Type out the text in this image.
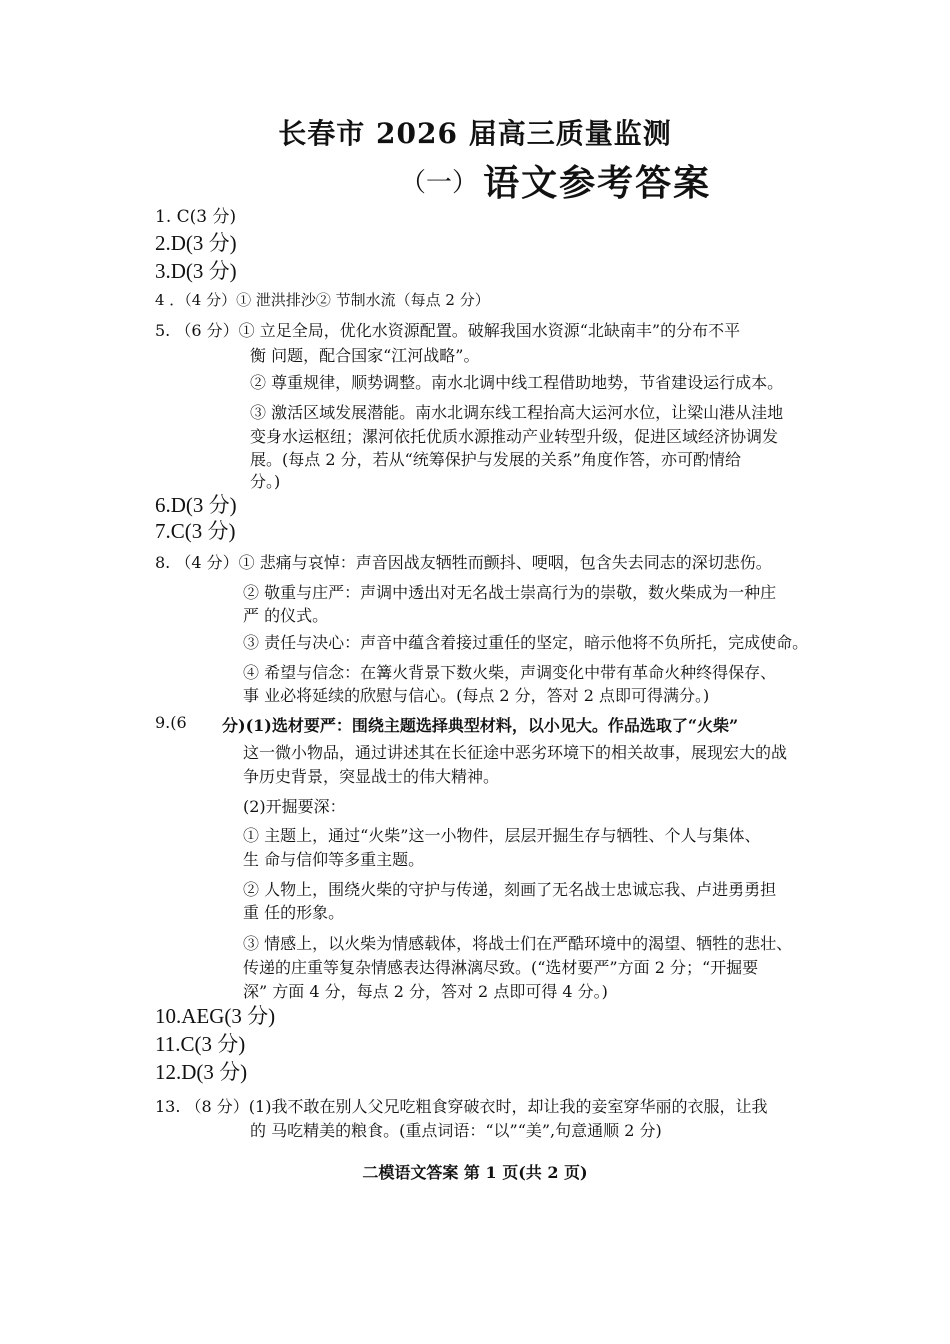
长春市 2026 届高三质量监测
（一） 语文参考答案
1. C(3 分)
2.D(3 分)
3.D(3 分)
4 ．（4 分）① 泄洪排沙② 节制水流（每点 2 分）
5. （6 分）① 立足全局，优化水资源配置。破解我国水资源“北缺南丰”的分布不平
衡 问题，配合国家“江河战略”。
② 尊重规律，顺势调整。南水北调中线工程借助地势，节省建设运行成本。
③ 激活区域发展潜能。南水北调东线工程抬高大运河水位，让梁山港从洼地
变身水运枢纽；漯河依托优质水源推动产业转型升级，促进区域经济协调发
展。(每点 2 分，若从“统筹保护与发展的关系”角度作答，亦可酌情给
分。)
6.D(3 分)
7.C(3 分)
8. （4 分）① 悲痛与哀悼：声音因战友牺牲而颤抖、哽咽，包含失去同志的深切悲伤。
② 敬重与庄严：声调中透出对无名战士崇高行为的崇敬，数火柴成为一种庄
严 的仪式。
③ 责任与决心：声音中蕴含着接过重任的坚定，暗示他将不负所托，完成使命。
④ 希望与信念：在篝火背景下数火柴，声调变化中带有革命火种终得保存、
事 业必将延续的欣慰与信心。(每点 2 分，答对 2 点即可得满分。)
9.(6 分)(1)选材要严：围绕主题选择典型材料，以小见大。作品选取了“火柴”
这一微小物品，通过讲述其在长征途中恶劣环境下的相关故事，展现宏大的战
争历史背景，突显战士的伟大精神。
(2)开掘要深：
① 主题上，通过“火柴”这一小物件，层层开掘生存与牺牲、个人与集体、
生 命与信仰等多重主题。
② 人物上，围绕火柴的守护与传递，刻画了无名战士忠诚忘我、卢进勇勇担
重 任的形象。
③ 情感上，以火柴为情感载体，将战士们在严酷环境中的渴望、牺牲的悲壮、
传递的庄重等复杂情感表达得淋漓尽致。(“选材要严”方面 2 分；“开掘要
深” 方面 4 分，每点 2 分，答对 2 点即可得 4 分。)
10.AEG(3 分)
11.C(3 分)
12.D(3 分)
13. （8 分）(1)我不敢在别人父兄吃粗食穿破衣时，却让我的妾室穿华丽的衣服，让我
的 马吃精美的粮食。(重点词语：“以”“美”,句意通顺 2 分)
二模语文答案 第 1 页(共 2 页)
